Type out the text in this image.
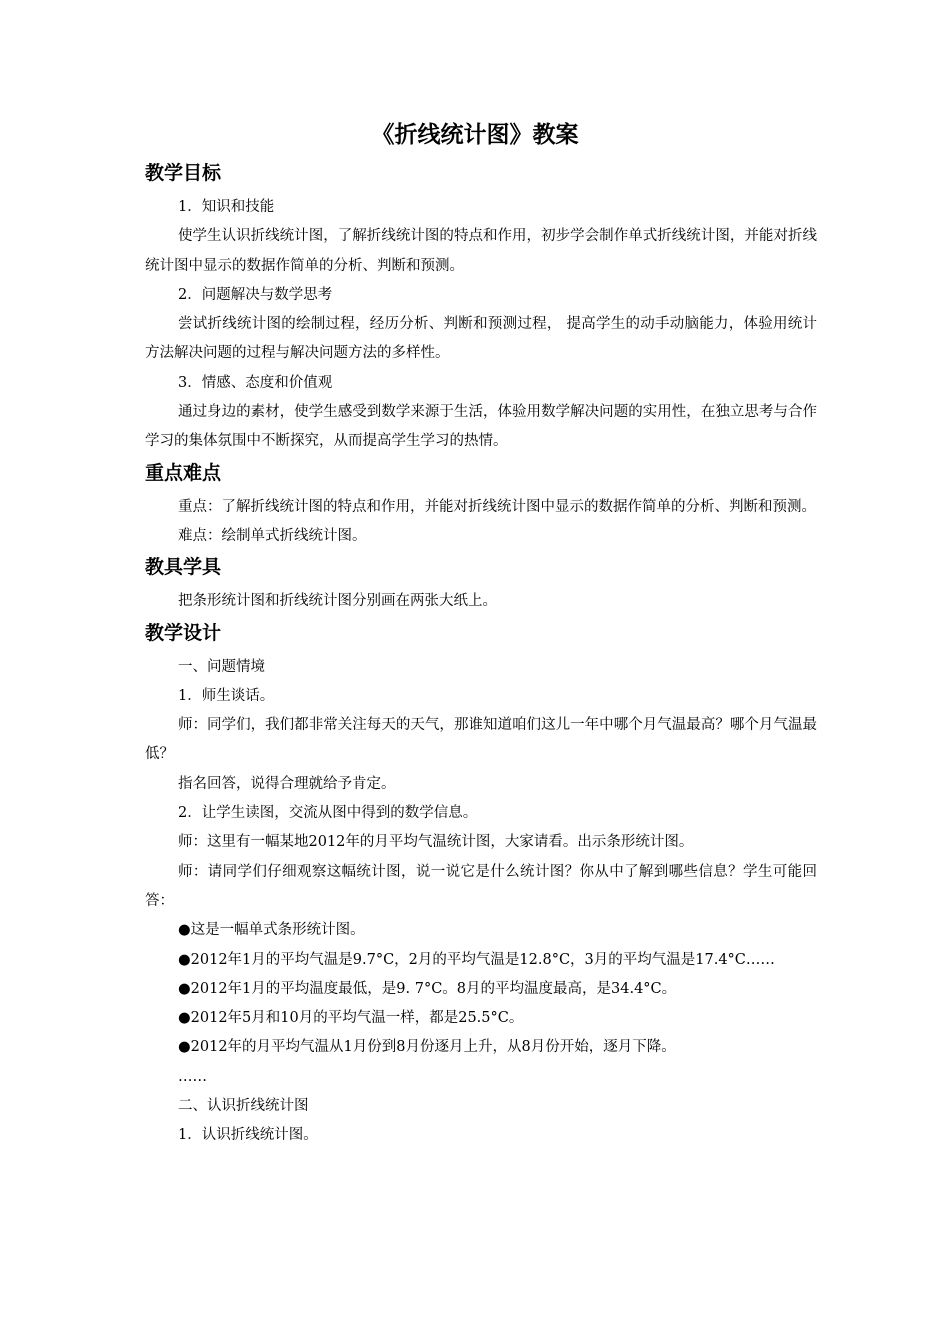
《折线统计图》教案
教学目标
1．知识和技能
使学生认识折线统计图，了解折线统计图的特点和作用，初步学会制作单式折线统计图，并能对折线统计图中显示的数据作简单的分析、判断和预测。
2．问题解决与数学思考
尝试折线统计图的绘制过程，经历分析、判断和预测过程， 提高学生的动手动脑能力，体验用统计方法解决问题的过程与解决问题方法的多样性。
3．情感、态度和价值观
通过身边的素材，使学生感受到数学来源于生活，体验用数学解决问题的实用性，在独立思考与合作学习的集体氛围中不断探究，从而提高学生学习的热情。
重点难点
重点：了解折线统计图的特点和作用，并能对折线统计图中显示的数据作简单的分析、判断和预测。
难点：绘制单式折线统计图。
教具学具
把条形统计图和折线统计图分别画在两张大纸上。
教学设计
一、问题情境
1．师生谈话。
师：同学们，我们都非常关注每天的天气，那谁知道咱们这儿一年中哪个月气温最高？哪个月气温最低？
指名回答，说得合理就给予肯定。
2．让学生读图，交流从图中得到的数学信息。
师：这里有一幅某地2012年的月平均气温统计图，大家请看。出示条形统计图。
师：请同学们仔细观察这幅统计图，说一说它是什么统计图？你从中了解到哪些信息？学生可能回答：
●这是一幅单式条形统计图。
●2012年1月的平均气温是9.7°C，2月的平均气温是12.8°C，3月的平均气温是17.4°C……
●2012年1月的平均温度最低，是9. 7°C。8月的平均温度最高，是34.4°C。
●2012年5月和10月的平均气温一样，都是25.5°C。
●2012年的月平均气温从1月份到8月份逐月上升，从8月份开始，逐月下降。
……
二、认识折线统计图
1．认识折线统计图。
